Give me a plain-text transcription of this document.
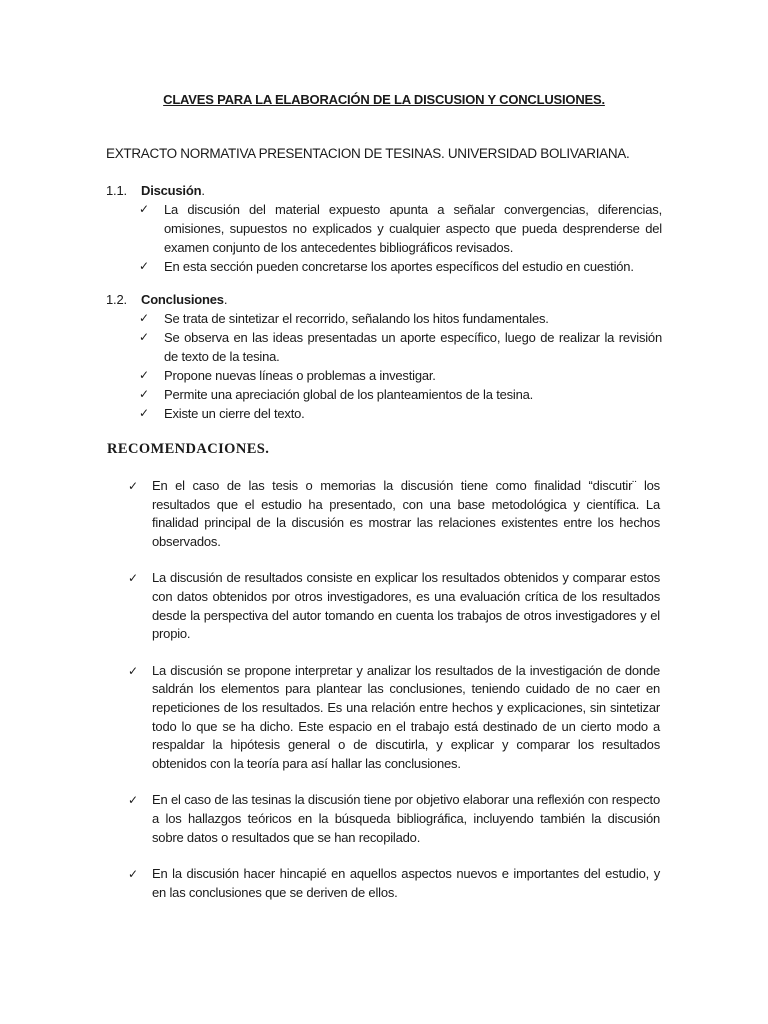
CLAVES PARA LA ELABORACIÓN DE LA DISCUSION Y CONCLUSIONES.
EXTRACTO NORMATIVA PRESENTACION DE TESINAS. UNIVERSIDAD BOLIVARIANA.
1.1. Discusión.
✓ La discusión del material expuesto apunta a señalar convergencias, diferencias, omisiones, supuestos no explicados y cualquier aspecto que pueda desprenderse del examen conjunto de los antecedentes bibliográficos revisados.
✓ En esta sección pueden concretarse los aportes específicos del estudio en cuestión.
1.2. Conclusiones.
✓ Se trata de sintetizar el recorrido, señalando los hitos fundamentales.
✓ Se observa en las ideas presentadas un aporte específico, luego de realizar la revisión de texto de la tesina.
✓ Propone nuevas líneas o problemas a investigar.
✓ Permite una apreciación global de los planteamientos de la tesina.
✓ Existe un cierre del texto.
RECOMENDACIONES.
✓ En el caso de las tesis o memorias la discusión tiene como finalidad “discutir¨ los resultados que el estudio ha presentado, con una base metodológica y científica. La finalidad principal de la discusión es mostrar las relaciones existentes entre los hechos observados.
✓ La discusión de resultados consiste en explicar los resultados obtenidos y comparar estos con datos obtenidos por otros investigadores, es una evaluación crítica de los resultados desde la perspectiva del autor tomando en cuenta los trabajos de otros investigadores y el propio.
✓ La discusión se propone interpretar y analizar los resultados de la investigación de donde saldrán los elementos para plantear las conclusiones, teniendo cuidado de no caer en repeticiones de los resultados. Es una relación entre hechos y explicaciones, sin sintetizar todo lo que se ha dicho. Este espacio en el trabajo está destinado de un cierto modo a respaldar la hipótesis general o de discutirla, y explicar y comparar los resultados obtenidos con la teoría para así hallar las conclusiones.
✓ En el caso de las tesinas la discusión tiene por objetivo elaborar una reflexión con respecto a los hallazgos teóricos en la búsqueda bibliográfica, incluyendo también la discusión sobre datos o resultados que se han recopilado.
✓ En la discusión hacer hincapié en aquellos aspectos nuevos e importantes del estudio, y en las conclusiones que se deriven de ellos.
